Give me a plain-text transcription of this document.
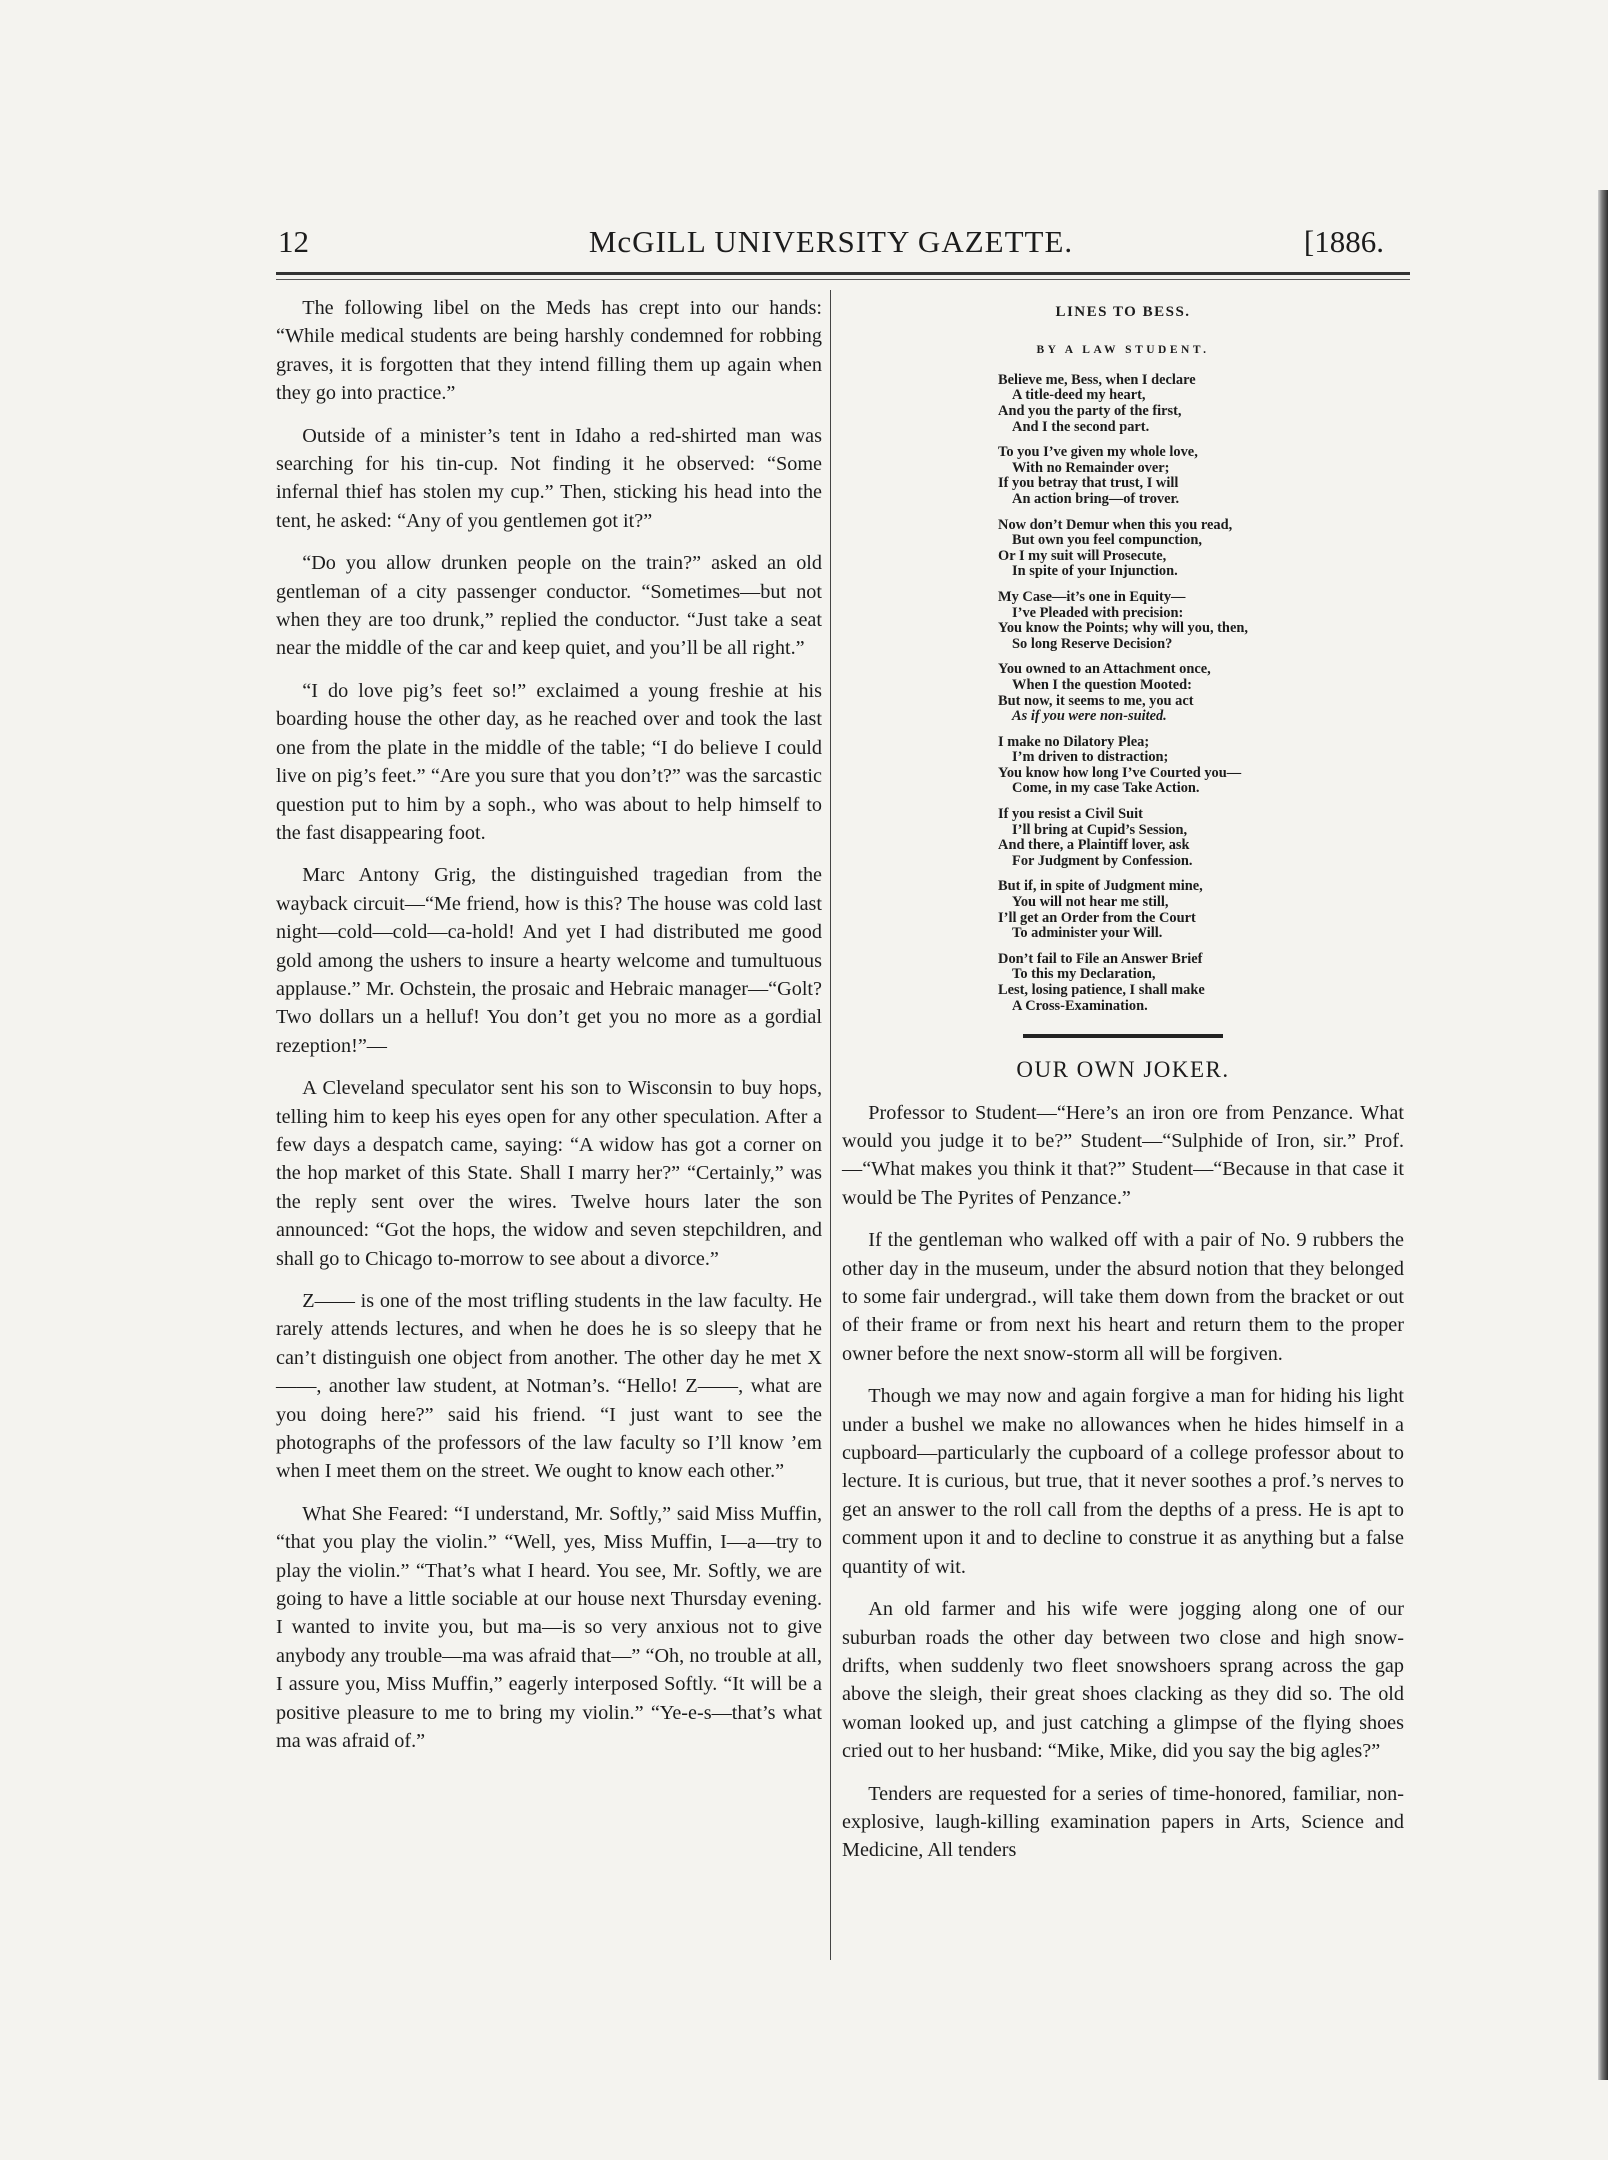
12	McGILL UNIVERSITY GAZETTE.	[1886.

The following libel on the Meds has crept into our hands: “While medical students are being harshly condemned for robbing graves, it is forgotten that they intend filling them up again when they go into practice.”

Outside of a minister’s tent in Idaho a red-shirted man was searching for his tin-cup. Not finding it he observed: “Some infernal thief has stolen my cup.” Then, sticking his head into the tent, he asked: “Any of you gentlemen got it?”

“Do you allow drunken people on the train?” asked an old gentleman of a city passenger conductor. “Sometimes—but not when they are too drunk,” replied the conductor. “Just take a seat near the middle of the car and keep quiet, and you’ll be all right.”

“I do love pig’s feet so!” exclaimed a young freshie at his boarding house the other day, as he reached over and took the last one from the plate in the middle of the table; “I do believe I could live on pig’s feet.” “Are you sure that you don’t?” was the sarcastic question put to him by a soph., who was about to help himself to the fast disappearing foot.

Marc Antony Grig, the distinguished tragedian from the wayback circuit—“Me friend, how is this? The house was cold last night—cold—cold—ca-hold! And yet I had distributed me good gold among the ushers to insure a hearty welcome and tumultuous applause.” Mr. Ochstein, the prosaic and Hebraic manager—“Golt? Two dollars un a helluf! You don’t get you no more as a gordial rezeption!”—

A Cleveland speculator sent his son to Wisconsin to buy hops, telling him to keep his eyes open for any other speculation. After a few days a despatch came, saying: “A widow has got a corner on the hop market of this State. Shall I marry her?” “Certainly,” was the reply sent over the wires. Twelve hours later the son announced: “Got the hops, the widow and seven stepchildren, and shall go to Chicago to-morrow to see about a divorce.”

Z—— is one of the most trifling students in the law faculty. He rarely attends lectures, and when he does he is so sleepy that he can’t distinguish one object from another. The other day he met X——, another law student, at Notman’s. “Hello! Z——, what are you doing here?” said his friend. “I just want to see the photographs of the professors of the law faculty so I’ll know ’em when I meet them on the street. We ought to know each other.”

What She Feared: “I understand, Mr. Softly,” said Miss Muffin, “that you play the violin.” “Well, yes, Miss Muffin, I—a—try to play the violin.” “That’s what I heard. You see, Mr. Softly, we are going to have a little sociable at our house next Thursday evening. I wanted to invite you, but ma—is so very anxious not to give anybody any trouble—ma was afraid that—” “Oh, no trouble at all, I assure you, Miss Muffin,” eagerly interposed Softly. “It will be a positive pleasure to me to bring my violin.” “Ye-e-s—that’s what ma was afraid of.”

LINES TO BESS.
BY A LAW STUDENT.
Believe me, Bess, when I declare
A title-deed my heart,
And you the party of the first,
And I the second part.
To you I’ve given my whole love,
With no Remainder over;
If you betray that trust, I will
An action bring—of trover.
Now don’t Demur when this you read,
But own you feel compunction,
Or I my suit will Prosecute,
In spite of your Injunction.
My Case—it’s one in Equity—
I’ve Pleaded with precision:
You know the Points; why will you, then,
So long Reserve Decision?
You owned to an Attachment once,
When I the question Mooted:
But now, it seems to me, you act
As if you were non-suited.
I make no Dilatory Plea;
I’m driven to distraction;
You know how long I’ve Courted you—
Come, in my case Take Action.
If you resist a Civil Suit
I’ll bring at Cupid’s Session,
And there, a Plaintiff lover, ask
For Judgment by Confession.
But if, in spite of Judgment mine,
You will not hear me still,
I’ll get an Order from the Court
To administer your Will.
Don’t fail to File an Answer Brief
To this my Declaration,
Lest, losing patience, I shall make
A Cross-Examination.
OUR OWN JOKER.

Professor to Student—“Here’s an iron ore from Penzance. What would you judge it to be?” Student—“Sulphide of Iron, sir.” Prof.—“What makes you think it that?” Student—“Because in that case it would be The Pyrites of Penzance.”

If the gentleman who walked off with a pair of No. 9 rubbers the other day in the museum, under the absurd notion that they belonged to some fair undergrad., will take them down from the bracket or out of their frame or from next his heart and return them to the proper owner before the next snow-storm all will be forgiven.

Though we may now and again forgive a man for hiding his light under a bushel we make no allowances when he hides himself in a cupboard—particularly the cupboard of a college professor about to lecture. It is curious, but true, that it never soothes a prof.’s nerves to get an answer to the roll call from the depths of a press. He is apt to comment upon it and to decline to construe it as anything but a false quantity of wit.

An old farmer and his wife were jogging along one of our suburban roads the other day between two close and high snow-drifts, when suddenly two fleet snowshoers sprang across the gap above the sleigh, their great shoes clacking as they did so. The old woman looked up, and just catching a glimpse of the flying shoes cried out to her husband: “Mike, Mike, did you say the big agles?”

Tenders are requested for a series of time-honored, familiar, non-explosive, laugh-killing examination papers in Arts, Science and Medicine, All tenders
